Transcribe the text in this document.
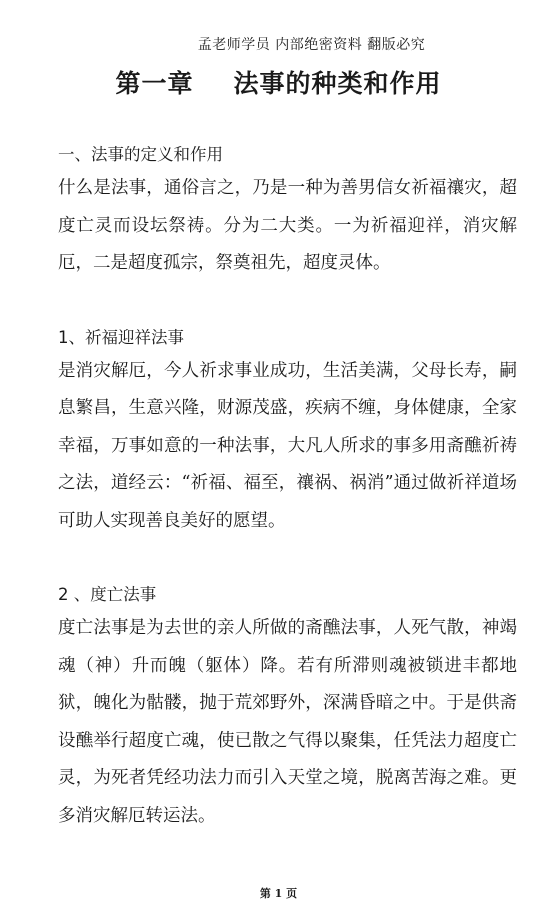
孟老师学员 内部绝密资料 翻版必究
第一章 法事的种类和作用

一、法事的定义和作用

什么是法事，通俗言之，乃是一种为善男信女祈福禳灾，超度亡灵而设坛祭祷。分为二大类。一为祈福迎祥，消灾解厄，二是超度孤宗，祭奠祖先，超度灵体。

1、祈福迎祥法事

是消灾解厄，今人祈求事业成功，生活美满，父母长寿，嗣息繁昌，生意兴隆，财源茂盛，疾病不缠，身体健康，全家幸福，万事如意的一种法事，大凡人所求的事多用斋醮祈祷之法，道经云：“祈福、福至，禳祸、祸消”通过做祈祥道场可助人实现善良美好的愿望。

2 、度亡法事

度亡法事是为去世的亲人所做的斋醮法事，人死气散，神竭魂（神）升而魄（躯体）降。若有所滞则魂被锁进丰都地狱，魄化为骷髅，抛于荒郊野外，深满昏暗之中。于是供斋设醮举行超度亡魂，使已散之气得以聚集，任凭法力超度亡灵，为死者凭经功法力而引入天堂之境，脱离苦海之难。更多消灾解厄转运法。

第 1 页
